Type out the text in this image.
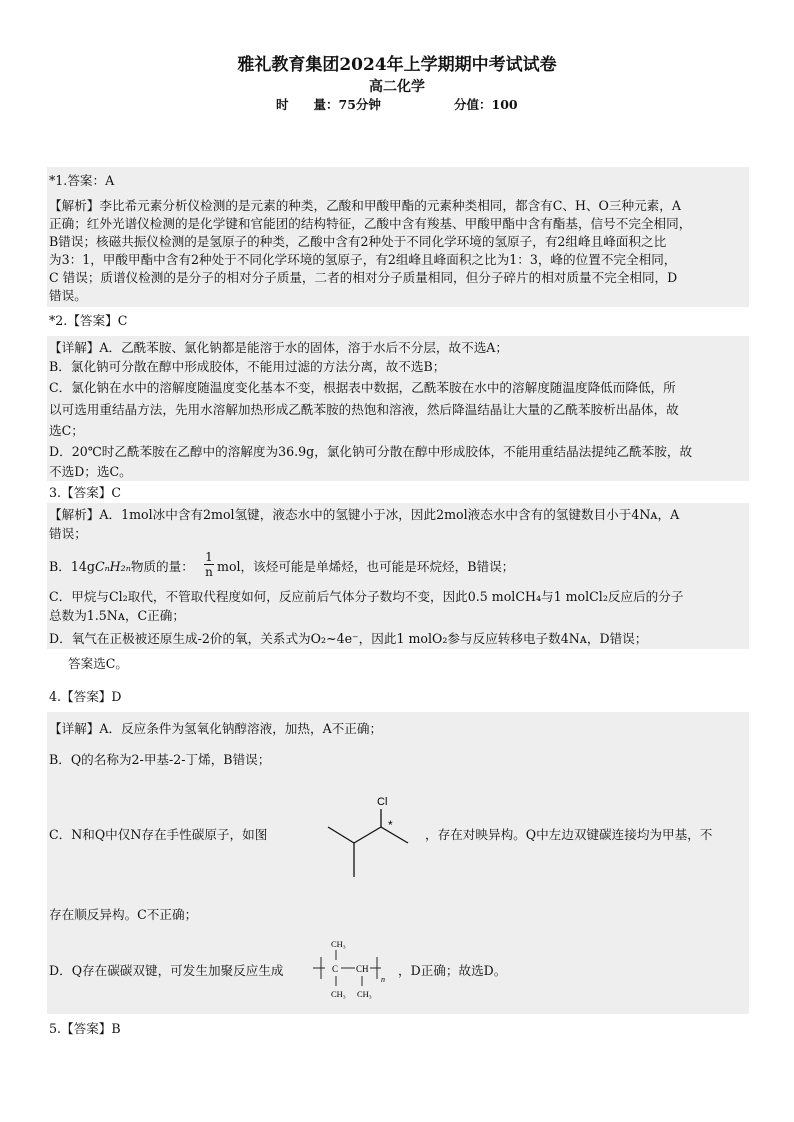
雅礼教育集团2024年上学期期中考试试卷
高二化学
时　　量：75分钟	分值：100
*1.答案：A
【解析】李比希元素分析仪检测的是元素的种类，乙酸和甲酸甲酯的元素种类相同，都含有C、H、O三种元素，A
正确；红外光谱仪检测的是化学键和官能团的结构特征，乙酸中含有羧基、甲酸甲酯中含有酯基，信号不完全相同，
B错误；核磁共振仪检测的是氢原子的种类，乙酸中含有2种处于不同化学环境的氢原子，有2组峰且峰面积之比
为3：1，甲酸甲酯中含有2种处于不同化学环境的氢原子，有2组峰且峰面积之比为1：3，峰的位置不完全相同，
C 错误；质谱仪检测的是分子的相对分子质量，二者的相对分子质量相同，但分子碎片的相对质量不完全相同，D
错误。
*2.【答案】C
【详解】A．乙酰苯胺、氯化钠都是能溶于水的固体，溶于水后不分层，故不选A；
B．氯化钠可分散在醇中形成胶体，不能用过滤的方法分离，故不选B；
C．氯化钠在水中的溶解度随温度变化基本不变，根据表中数据，乙酰苯胺在水中的溶解度随温度降低而降低，所
以可选用重结晶方法，先用水溶解加热形成乙酰苯胺的热饱和溶液，然后降温结晶让大量的乙酰苯胺析出晶体，故
选C；
D．20℃时乙酰苯胺在乙醇中的溶解度为36.9g，氯化钠可分散在醇中形成胶体，不能用重结晶法提纯乙酰苯胺，故
不选D；选C。
3.【答案】C
【解析】A．1mol冰中含有2mol氢键，液态水中的氢键小于冰，因此2mol液态水中含有的氢键数目小于4Nᴀ，A
错误；
B．14gCₙH₂ₙ物质的量： $\frac{1}{n}$ mol，该烃可能是单烯烃，也可能是环烷烃，B错误；
C．甲烷与Cl₂取代，不管取代程度如何，反应前后气体分子数均不变，因此0.5 molCH₄与1 molCl₂反应后的分子
总数为1.5Nᴀ，C正确；
D．氧气在正极被还原生成-2价的氧，关系式为O₂~4e⁻，因此1 molO₂参与反应转移电子数4Nᴀ，D错误；
答案选C。
4.【答案】D
【详解】A．反应条件为氢氧化钠醇溶液，加热，A不正确；
B．Q的名称为2-甲基-2-丁烯，B错误；
C．N和Q中仅N存在手性碳原子，如图
Cl
*
，存在对映异构。Q中左边双键碳连接均为甲基，不
存在顺反异构。C不正确；
D．Q存在碳碳双键，可发生加聚反应生成
CH₃
C CH
n
CH₃ CH₃
，D正确；故选D。
5.【答案】B
